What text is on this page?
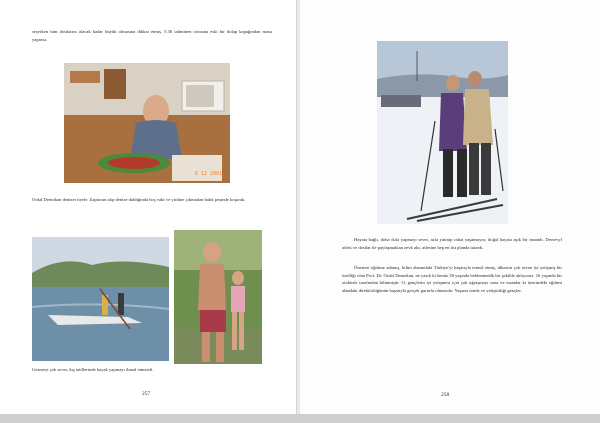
seçerken tüm dostlarını alacak kadar büyük olmasına dikkat etmiş. 5.30 tahminen ortasına eski bir dolap kapağından masa yaparsa.

6 12 2001

Ordal Demokan denizer üyele. Zaptorun alıp denize daldığında boş vakt ve yirdine çıkmadan balık peşinde koşarak.

Gezmeyi çok sever, kış tatillerinde kayak yapmayı ihmal etmezdi.

257

Hayata bağlı, doha dola yapmayı sever, azla yatinip rahat yaşatmıyor, doğal hayata aşık bir insandı. Dersevyl ailesi ve dostlar ile paylaşmaktan zevk alır, ailesine hep en üst planda tutardı.

Önertesi eğitime adamış, bilim alanındaki Türkiye'yi başarıyla temsil etmiş, ülkesini çok seven iyi yetişmiş bir özelliği olan Prof. Dr. Ordal Demokan, ne yazık ki henüz 58 yaşında beklenmedik bir şekilde aklıyoruz. 16 yaşında bir otobüsle tarafından bilinmiştir. O, gençlerin iyi yetişmesi için çok uğraşmayı sona ve insanlar ki üzerindeki eğitimi alandaki direktörlüğünün başarıyla gerçek gururlu olmasıdır. Yaşamı örnek ve yetiştirdiği gençler.

258
